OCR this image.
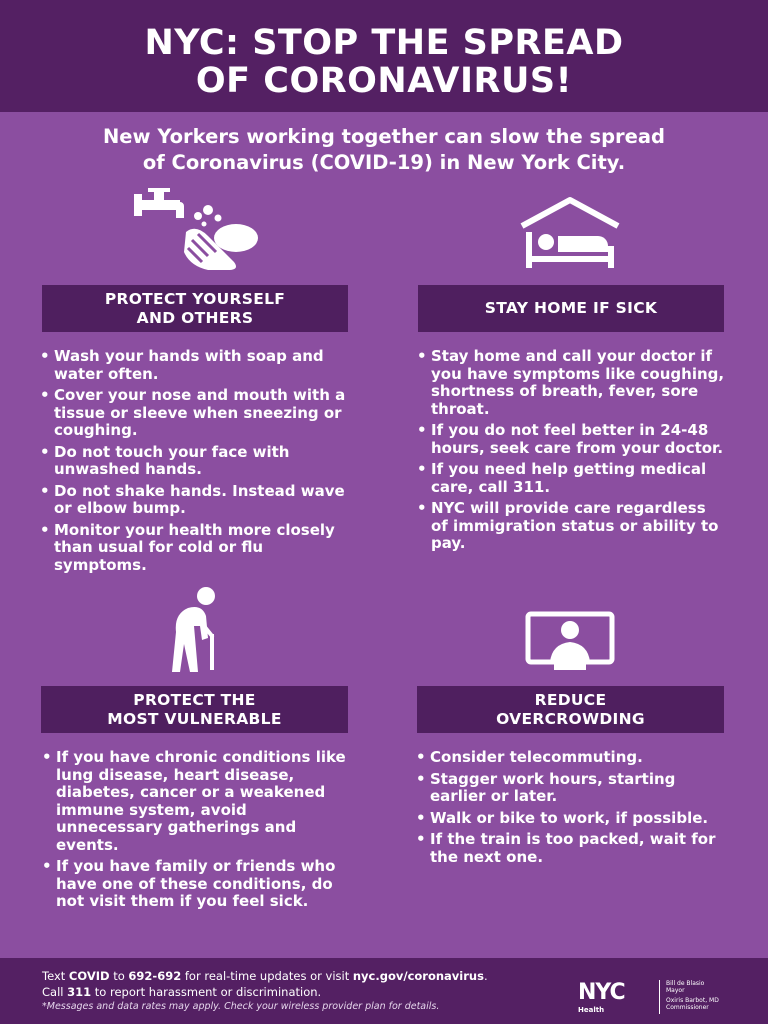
NYC: STOP THE SPREAD
OF CORONAVIRUS!
New Yorkers working together can slow the spread
of Coronavirus (COVID-19) in New York City.
PROTECT YOURSELF
AND OTHERS
STAY HOME IF SICK
• Wash your hands with soap and water often.
• Cover your nose and mouth with a tissue or sleeve when sneezing or coughing.
• Do not touch your face with unwashed hands.
• Do not shake hands. Instead wave or elbow bump.
• Monitor your health more closely than usual for cold or flu symptoms.
• Stay home and call your doctor if you have symptoms like coughing, shortness of breath, fever, sore throat.
• If you do not feel better in 24-48 hours, seek care from your doctor.
• If you need help getting medical care, call 311.
• NYC will provide care regardless of immigration status or ability to pay.
PROTECT THE
MOST VULNERABLE
REDUCE
OVERCROWDING
• If you have chronic conditions like lung disease, heart disease, diabetes, cancer or a weakened immune system, avoid unnecessary gatherings and events.
• If you have family or friends who have one of these conditions, do not visit them if you feel sick.
• Consider telecommuting.
• Stagger work hours, starting earlier or later.
• Walk or bike to work, if possible.
• If the train is too packed, wait for the next one.
Text COVID to 692-692 for real-time updates or visit nyc.gov/coronavirus.
Call 311 to report harassment or discrimination.
*Messages and data rates may apply. Check your wireless provider plan for details.
NYC
Health
Bill de Blasio
Mayor
Oxiris Barbot, MD
Commissioner
